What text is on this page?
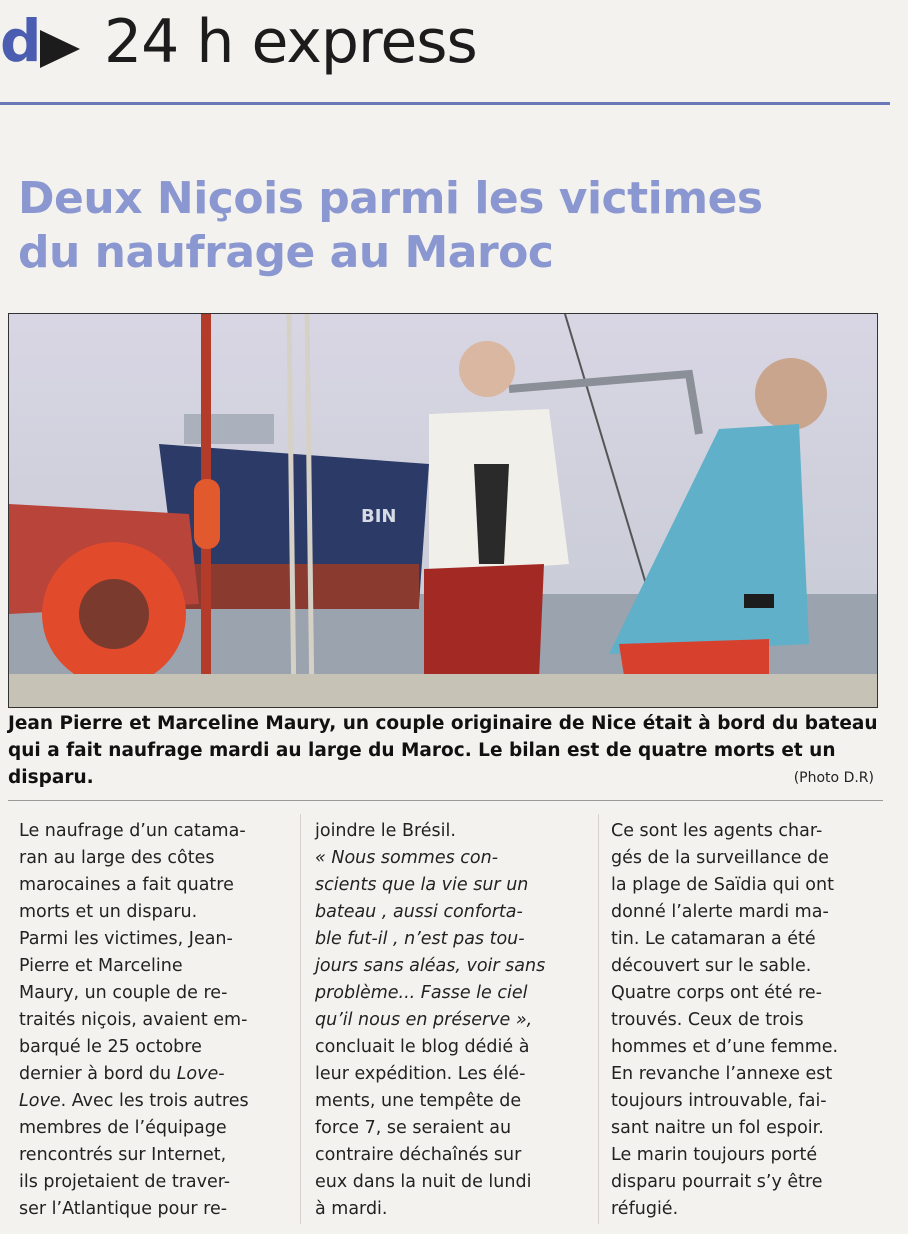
d 24 h express
Deux Niçois parmi les victimes
du naufrage au Maroc
BIN

Jean Pierre et Marceline Maury, un couple originaire de Nice était à bord du bateau qui a fait naufrage mardi au large du Maroc. Le bilan est de quatre morts et un disparu.	(Photo D.R)
Le naufrage d’un catama-
ran au large des côtes
marocaines a fait quatre
morts et un disparu.
Parmi les victimes, Jean-
Pierre et Marceline
Maury, un couple de re-
traités niçois, avaient em-
barqué le 25 octobre
dernier à bord du Love-
Love. Avec les trois autres
membres de l’équipage
rencontrés sur Internet,
ils projetaient de traver-
ser l’Atlantique pour re-
joindre le Brésil.
« Nous sommes con-
scients que la vie sur un
bateau , aussi conforta-
ble fut-il , n’est pas tou-
jours sans aléas, voir sans
problème... Fasse le ciel
qu’il nous en préserve »,
concluait le blog dédié à
leur expédition. Les élé-
ments, une tempête de
force 7, se seraient au
contraire déchaînés sur
eux dans la nuit de lundi
à mardi.
Ce sont les agents char-
gés de la surveillance de
la plage de Saïdia qui ont
donné l’alerte mardi ma-
tin. Le catamaran a été
découvert sur le sable.
Quatre corps ont été re-
trouvés. Ceux de trois
hommes et d’une femme.
En revanche l’annexe est
toujours introuvable, fai-
sant naitre un fol espoir.
Le marin toujours porté
disparu pourrait s’y être
réfugié.
